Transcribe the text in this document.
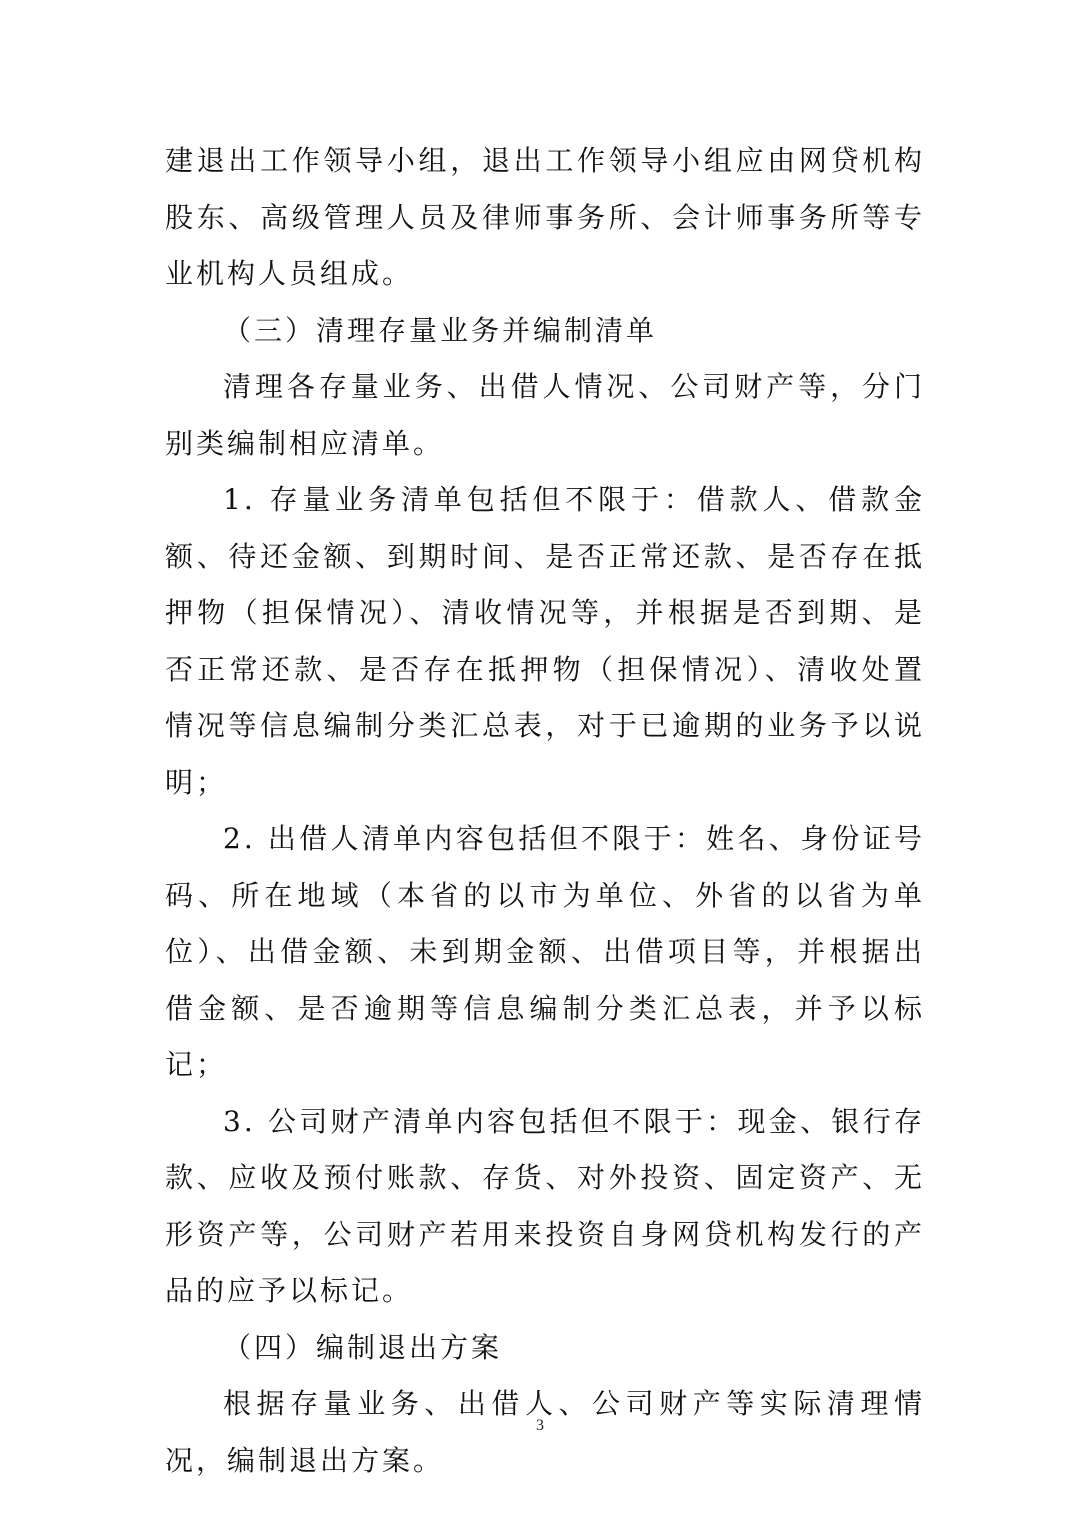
建退出工作领导小组，退出工作领导小组应由网贷机构股东、高级管理人员及律师事务所、会计师事务所等专业机构人员组成。

（三）清理存量业务并编制清单

清理各存量业务、出借人情况、公司财产等，分门别类编制相应清单。

1. 存量业务清单包括但不限于：借款人、借款金额、待还金额、到期时间、是否正常还款、是否存在抵押物（担保情况）、清收情况等，并根据是否到期、是否正常还款、是否存在抵押物（担保情况）、清收处置情况等信息编制分类汇总表，对于已逾期的业务予以说明；

2. 出借人清单内容包括但不限于：姓名、身份证号码、所在地域（本省的以市为单位、外省的以省为单位）、出借金额、未到期金额、出借项目等，并根据出借金额、是否逾期等信息编制分类汇总表，并予以标记；

3. 公司财产清单内容包括但不限于：现金、银行存款、应收及预付账款、存货、对外投资、固定资产、无形资产等，公司财产若用来投资自身网贷机构发行的产品的应予以标记。

（四）编制退出方案

根据存量业务、出借人、公司财产等实际清理情况，编制退出方案。

3
